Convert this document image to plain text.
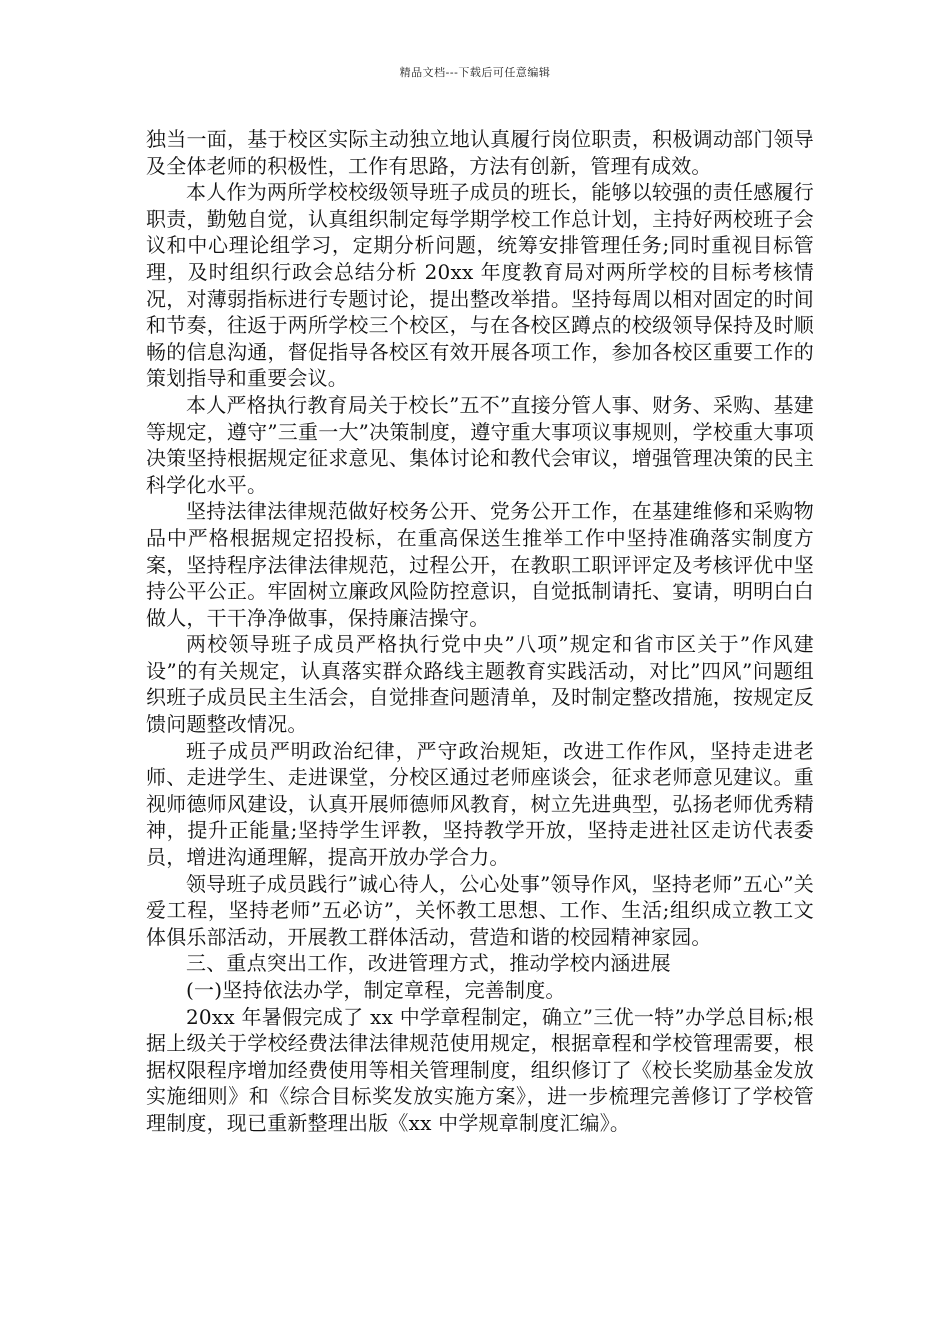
精品文档---下载后可任意编辑

独当一面，基于校区实际主动独立地认真履行岗位职责，积极调动部门领导及全体老师的积极性，工作有思路，方法有创新，管理有成效。

本人作为两所学校校级领导班子成员的班长，能够以较强的责任感履行职责，勤勉自觉，认真组织制定每学期学校工作总计划，主持好两校班子会议和中心理论组学习，定期分析问题，统筹安排管理任务;同时重视目标管理，及时组织行政会总结分析 20xx 年度教育局对两所学校的目标考核情况，对薄弱指标进行专题讨论，提出整改举措。坚持每周以相对固定的时间和节奏，往返于两所学校三个校区，与在各校区蹲点的校级领导保持及时顺畅的信息沟通，督促指导各校区有效开展各项工作，参加各校区重要工作的策划指导和重要会议。

本人严格执行教育局关于校长”五不”直接分管人事、财务、采购、基建等规定，遵守”三重一大”决策制度，遵守重大事项议事规则，学校重大事项决策坚持根据规定征求意见、集体讨论和教代会审议，增强管理决策的民主科学化水平。

坚持法律法律规范做好校务公开、党务公开工作，在基建维修和采购物品中严格根据规定招投标，在重高保送生推举工作中坚持准确落实制度方案，坚持程序法律法律规范，过程公开，在教职工职评评定及考核评优中坚持公平公正。牢固树立廉政风险防控意识，自觉抵制请托、宴请，明明白白做人，干干净净做事，保持廉洁操守。

两校领导班子成员严格执行党中央”八项”规定和省市区关于”作风建设”的有关规定，认真落实群众路线主题教育实践活动，对比”四风”问题组织班子成员民主生活会，自觉排查问题清单，及时制定整改措施，按规定反馈问题整改情况。

班子成员严明政治纪律，严守政治规矩，改进工作作风，坚持走进老师、走进学生、走进课堂，分校区通过老师座谈会，征求老师意见建议。重视师德师风建设，认真开展师德师风教育，树立先进典型，弘扬老师优秀精神，提升正能量;坚持学生评教，坚持教学开放，坚持走进社区走访代表委员，增进沟通理解，提高开放办学合力。

领导班子成员践行”诚心待人，公心处事”领导作风，坚持老师”五心”关爱工程，坚持老师”五必访”，关怀教工思想、工作、生活;组织成立教工文体俱乐部活动，开展教工群体活动，营造和谐的校园精神家园。

三、重点突出工作，改进管理方式，推动学校内涵进展

(一)坚持依法办学，制定章程，完善制度。

20xx 年暑假完成了 xx 中学章程制定，确立”三优一特”办学总目标;根据上级关于学校经费法律法律规范使用规定，根据章程和学校管理需要，根据权限程序增加经费使用等相关管理制度，组织修订了《校长奖励基金发放实施细则》和《综合目标奖发放实施方案》，进一步梳理完善修订了学校管理制度，现已重新整理出版《xx 中学规章制度汇编》。
